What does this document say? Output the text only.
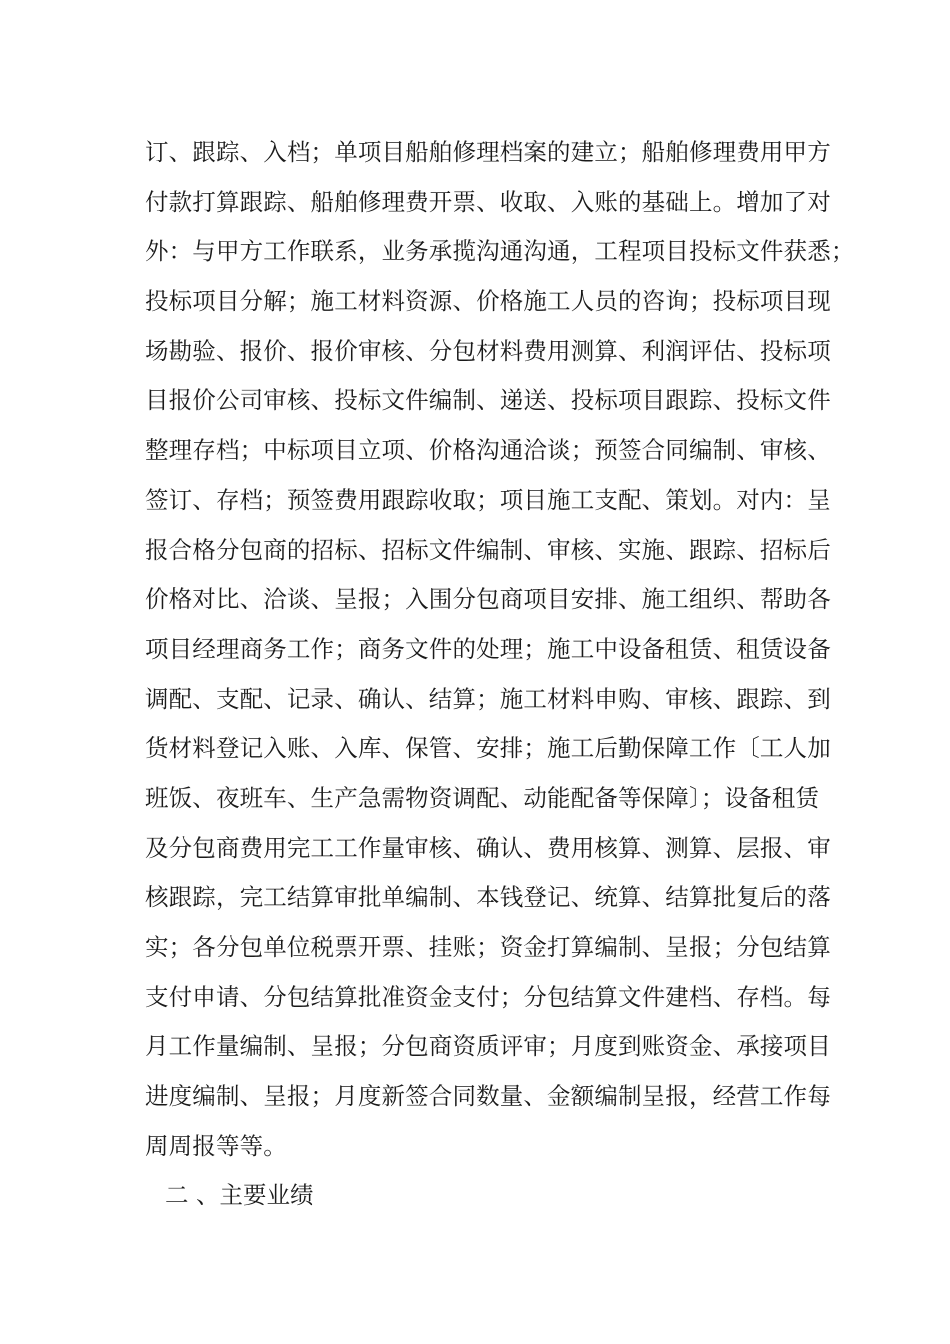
订、跟踪、入档；单项目船舶修理档案的建立；船舶修理费用甲方
付款打算跟踪、船舶修理费开票、收取、入账的基础上。增加了对
外：与甲方工作联系，业务承揽沟通沟通，工程项目投标文件获悉；
投标项目分解；施工材料资源、价格施工人员的咨询；投标项目现
场勘验、报价、报价审核、分包材料费用测算、利润评估、投标项
目报价公司审核、投标文件编制、递送、投标项目跟踪、投标文件
整理存档；中标项目立项、价格沟通洽谈；预签合同编制、审核、
签订、存档；预签费用跟踪收取；项目施工支配、策划。对内：呈
报合格分包商的招标、招标文件编制、审核、实施、跟踪、招标后
价格对比、洽谈、呈报；入围分包商项目安排、施工组织、帮助各
项目经理商务工作；商务文件的处理；施工中设备租赁、租赁设备
调配、支配、记录、确认、结算；施工材料申购、审核、跟踪、到
货材料登记入账、入库、保管、安排；施工后勤保障工作〔工人加
班饭、夜班车、生产急需物资调配、动能配备等保障〕；设备租赁
及分包商费用完工工作量审核、确认、费用核算、测算、层报、审
核跟踪，完工结算审批单编制、本钱登记、统算、结算批复后的落
实；各分包单位税票开票、挂账；资金打算编制、呈报；分包结算
支付申请、分包结算批准资金支付；分包结算文件建档、存档。每
月工作量编制、呈报；分包商资质评审；月度到账资金、承接项目
进度编制、呈报；月度新签合同数量、金额编制呈报，经营工作每
周周报等等。
二 、主要业绩
